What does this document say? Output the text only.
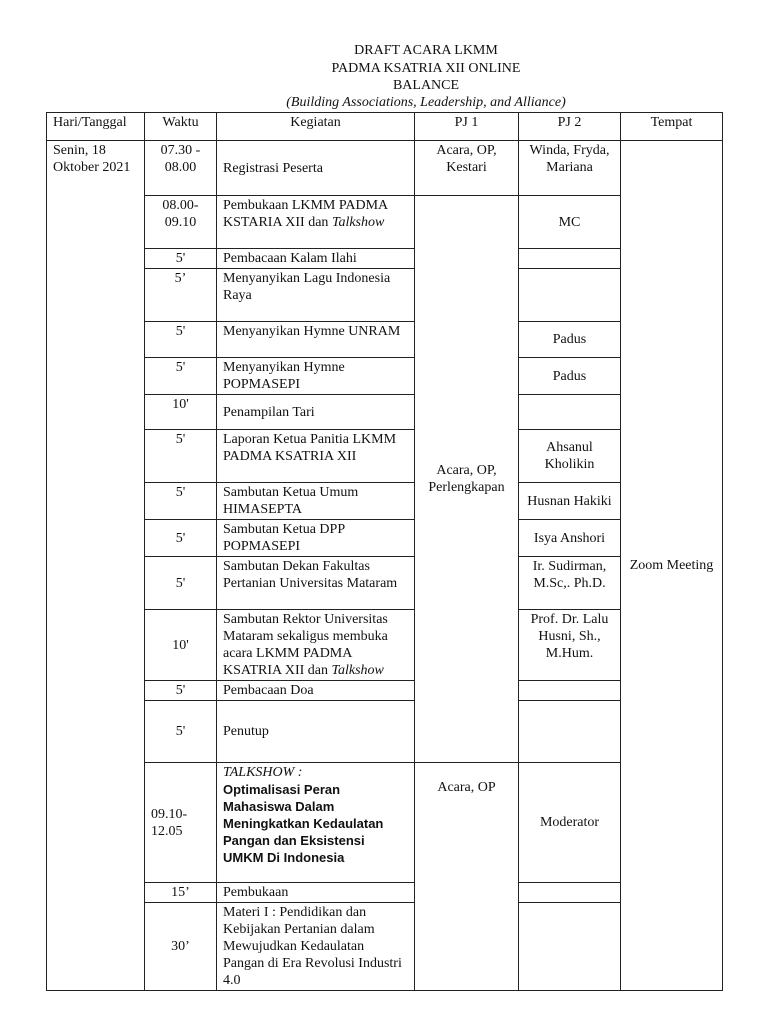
DRAFT ACARA LKMM
PADMA KSATRIA XII ONLINE
BALANCE
(Building Associations, Leadership, and Alliance)
Hari/Tanggal	Waktu	Kegiatan	PJ 1	PJ 2	Tempat
Senin, 18 Oktober 2021	07.30 - 08.00	Registrasi Peserta	Acara, OP, Kestari	Winda, Fryda, Mariana	Zoom Meeting
	08.00- 09.10	Pembukaan LKMM PADMA KSTARIA XII dan Talkshow	Acara, OP, Perlengkapan	MC	
	5'	Pembacaan Kalam Ilahi			
	5’	Menyanyikan Lagu Indonesia Raya			
	5'	Menyanyikan Hymne UNRAM		Padus	
	5'	Menyanyikan Hymne POPMASEPI		Padus	
	10'	Penampilan Tari			
	5'	Laporan Ketua Panitia LKMM PADMA KSATRIA XII		Ahsanul Kholikin	
	5'	Sambutan Ketua Umum HIMASEPTA		Husnan Hakiki	
	5'	Sambutan Ketua DPP POPMASEPI		Isya Anshori	
	5'	Sambutan Dekan Fakultas Pertanian Universitas Mataram		Ir. Sudirman, M.Sc,. Ph.D.	
	10'	Sambutan Rektor Universitas Mataram sekaligus membuka acara LKMM PADMA KSATRIA XII dan Talkshow		Prof. Dr. Lalu Husni, Sh., M.Hum.	
	5'	Pembacaan Doa			
	5'	Penutup			
	09.10- 12.05	TALKSHOW :
Optimalisasi Peran Mahasiswa Dalam Meningkatkan Kedaulatan Pangan dan Eksistensi UMKM Di Indonesia	Acara, OP	Moderator	
	15’	Pembukaan			
	30’	Materi I : Pendidikan dan Kebijakan Pertanian dalam Mewujudkan Kedaulatan Pangan di Era Revolusi Industri 4.0			
